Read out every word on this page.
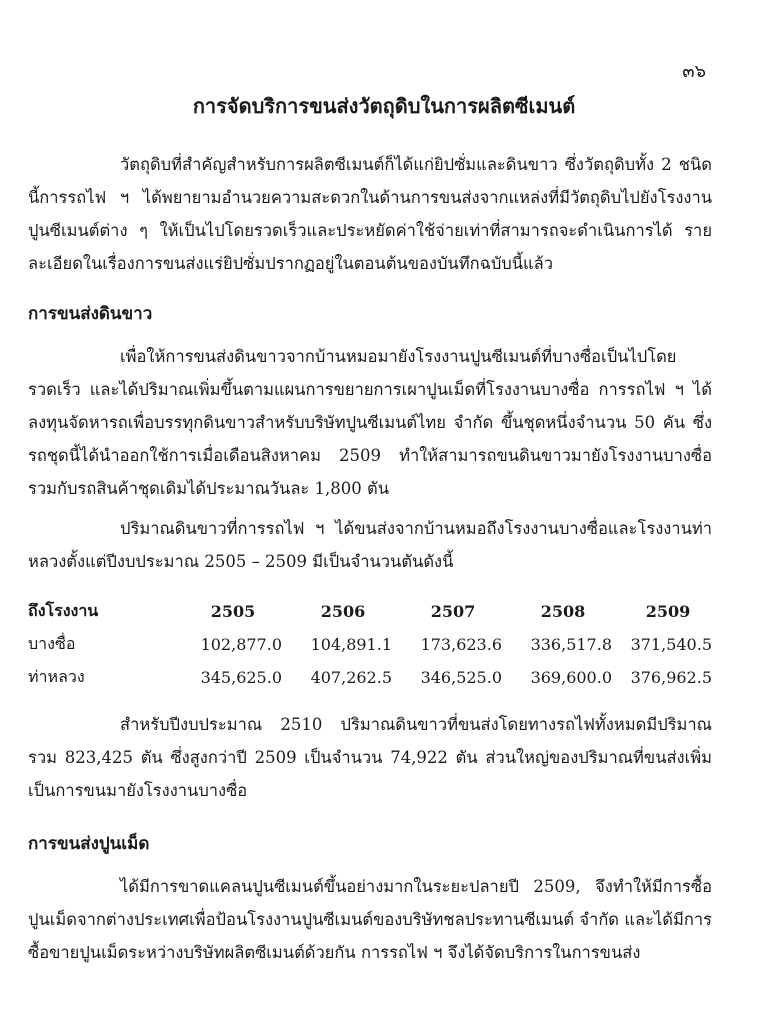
๓๖
การจัดบริการขนส่งวัตถุดิบในการผลิตซีเมนต์

วัตถุดิบที่สำคัญสำหรับการผลิตซีเมนต์ก็ได้แก่ยิปซั่มและดินขาว ซึ่งวัตถุดิบทั้ง 2 ชนิดนี้การรถไฟ ฯ ได้พยายามอำนวยความสะดวกในด้านการขนส่งจากแหล่งที่มีวัตถุดิบไปยังโรงงานปูนซีเมนต์ต่าง ๆ ให้เป็นไปโดยรวดเร็วและประหยัดค่าใช้จ่ายเท่าที่สามารถจะดำเนินการได้ รายละเอียดในเรื่องการขนส่งแร่ยิปซั่มปรากฏอยู่ในตอนต้นของบันทึกฉบับนี้แล้ว

การขนส่งดินขาว

เพื่อให้การขนส่งดินขาวจากบ้านหมอมายังโรงงานปูนซีเมนต์ที่บางซื่อเป็นไปโดยรวดเร็ว และได้ปริมาณเพิ่มขึ้นตามแผนการขยายการเผาปูนเม็ดที่โรงงานบางซื่อ การรถไฟ ฯ ได้ลงทุนจัดหารถเพื่อบรรทุกดินขาวสำหรับบริษัทปูนซีเมนต์ไทย จำกัด ขึ้นชุดหนึ่งจำนวน 50 คัน ซึ่งรถชุดนี้ได้นำออกใช้การเมื่อเดือนสิงหาคม 2509 ทำให้สามารถขนดินขาวมายังโรงงานบางซื่อรวมกับรถสินค้าชุดเดิมได้ประมาณวันละ 1,800 ตัน

ปริมาณดินขาวที่การรถไฟ ฯ ได้ขนส่งจากบ้านหมอถึงโรงงานบางซื่อและโรงงานท่าหลวงตั้งแต่ปีงบประมาณ 2505 – 2509 มีเป็นจำนวนตันดังนี้

ถึงโรงงาน	2505	2506	2507	2508	2509
บางซื่อ	102,877.0	104,891.1	173,623.6	336,517.8	371,540.5
ท่าหลวง	345,625.0	407,262.5	346,525.0	369,600.0	376,962.5

สำหรับปีงบประมาณ 2510 ปริมาณดินขาวที่ขนส่งโดยทางรถไฟทั้งหมดมีปริมาณรวม 823,425 ตัน ซึ่งสูงกว่าปี 2509 เป็นจำนวน 74,922 ตัน ส่วนใหญ่ของปริมาณที่ขนส่งเพิ่มเป็นการขนมายังโรงงานบางซื่อ

การขนส่งปูนเม็ด

ได้มีการขาดแคลนปูนซีเมนต์ขึ้นอย่างมากในระยะปลายปี 2509, จึงทำให้มีการซื้อปูนเม็ดจากต่างประเทศเพื่อป้อนโรงงานปูนซีเมนต์ของบริษัทชลประทานซีเมนต์ จำกัด และได้มีการซื้อขายปูนเม็ดระหว่างบริษัทผลิตซีเมนต์ด้วยกัน การรถไฟ ฯ จึงได้จัดบริการในการขนส่ง
